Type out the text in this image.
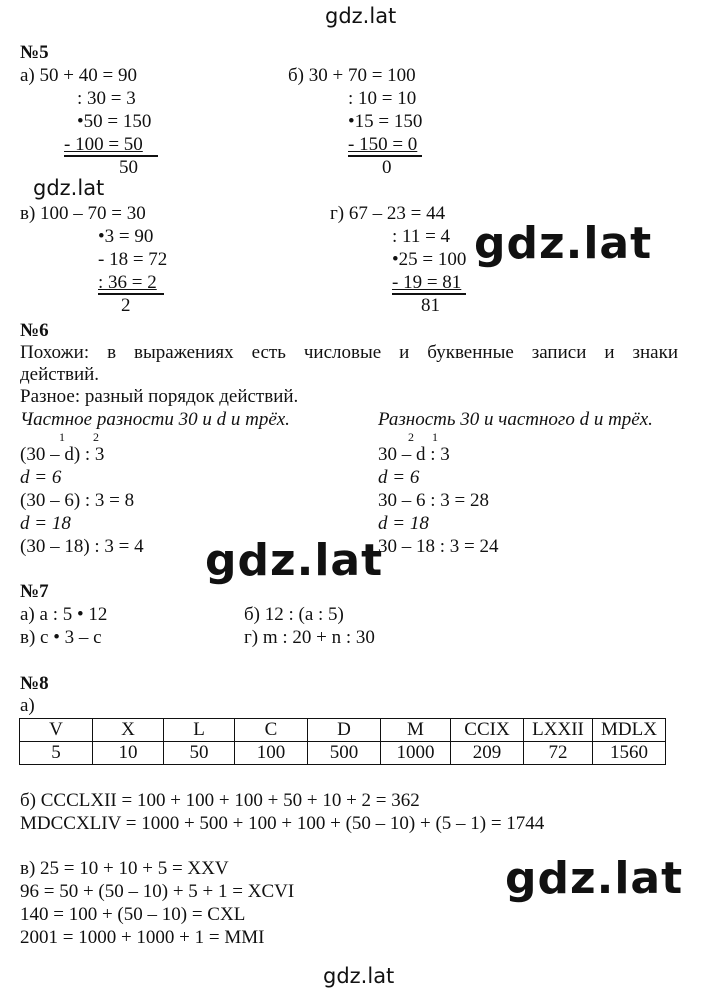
gdz.lat
gdz.lat
gdz.lat
gdz.lat
gdz.lat
gdz.lat
№5
а) 50 + 40 = 90
: 30 = 3
•50 = 150
- 100 = 50
50
б) 30 + 70 = 100
: 10 = 10
•15 = 150
- 150 = 0
0
в) 100 – 70 = 30
•3 = 90
- 18 = 72
: 36 = 2
2
г) 67 – 23 = 44
: 11 = 4
•25 = 100
- 19 = 81
81
№6
Похожи: в выражениях есть числовые и буквенные записи и знаки
действий.
Разное: разный порядок действий.
Частное разности 30 и d и трёх.	Разность 30 и частного d и трёх.
1 2	2 1
(30 – d) : 3
d = 6
(30 – 6) : 3 = 8
d = 18
(30 – 18) : 3 = 4
30 – d : 3
d = 6
30 – 6 : 3 = 28
d = 18
30 – 18 : 3 = 24
№7
а) a : 5 • 12	б) 12 : (a : 5)
в) c • 3 – c	г) m : 20 + n : 30
№8
а)
V	X	L	C	D	M	CCIX	LXXII	MDLX
5	10	50	100	500	1000	209	72	1560
б) CCCLXII = 100 + 100 + 100 + 50 + 10 + 2 = 362
MDCCXLIV = 1000 + 500 + 100 + 100 + (50 – 10) + (5 – 1) = 1744
в) 25 = 10 + 10 + 5 = XXV
96 = 50 + (50 – 10) + 5 + 1 = XCVI
140 = 100 + (50 – 10) = CXL
2001 = 1000 + 1000 + 1 = MMI
